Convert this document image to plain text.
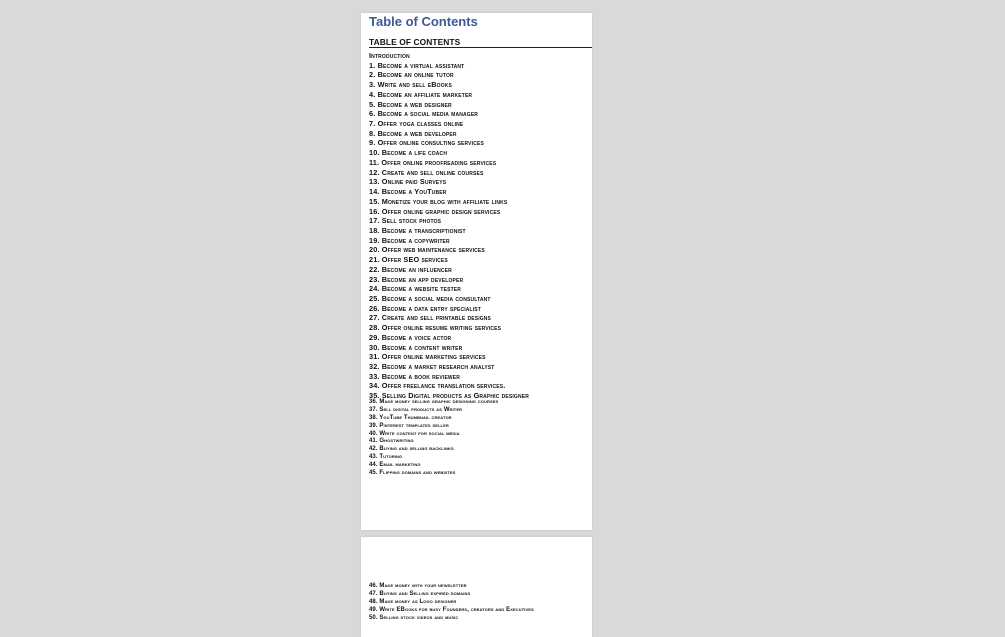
Table of Contents
TABLE OF CONTENTS
Introduction
1. Become a virtual assistant
2. Become an online tutor
3. Write and sell eBooks
4. Become an affiliate marketer
5. Become a web designer
6. Become a social media manager
7. Offer yoga classes online
8. Become a web developer
9. Offer online consulting services
10. Become a life coach
11. Offer online proofreading services
12. Create and sell online courses
13. Online paid Surveys
14. Become a YouTuber
15. Monetize your blog with affiliate links
16. Offer online graphic design services
17. Sell stock photos
18. Become a transcriptionist
19. Become a copywriter
20. Offer web maintenance services
21. Offer SEO services
22. Become an influencer
23. Become an app developer
24. Become a website tester
25. Become a social media consultant
26. Become a data entry specialist
27. Create and sell printable designs
28. Offer online resume writing services
29. Become a voice actor
30. Become a content writer
31. Offer online marketing services
32. Become a market research analyst
33. Become a book reviewer
34. Offer freelance translation services.
35. Selling Digital products as Graphic designer
36. Make money selling graphic designing courses
37. Sell digital products as Writer
38. YouTube Thumbnail creator
39. Pinterest templates seller
40. Write content for social media
41. Ghostwriting
42. Buying and selling backlinks
43. Tutoring
44. Email marketing
45. Flipping domains and websites
46. Make money with your newsletter
47. Buying and Selling expired domains
48. Make money as Logo designer
49. Write EBooks for busy Founders, creators and Executives
50. Selling stock videos and music
